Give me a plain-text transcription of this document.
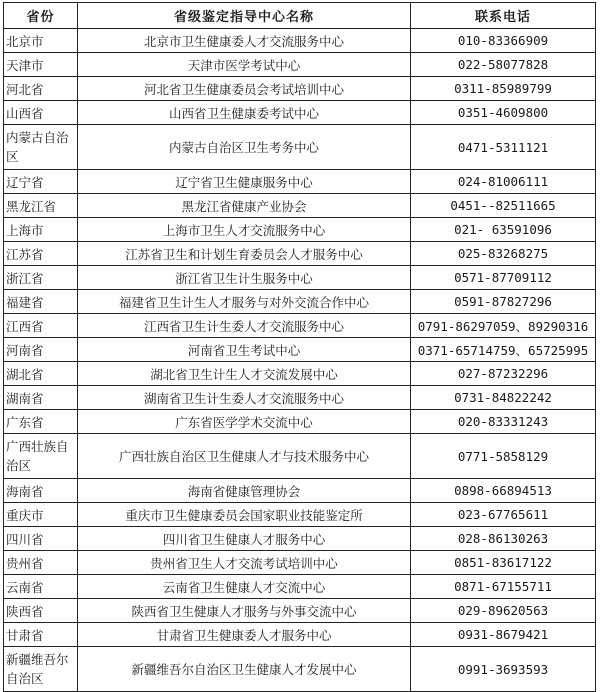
省份	省级鉴定指导中心名称	联系电话
北京市	北京市卫生健康委人才交流服务中心	010-83366909
天津市	天津市医学考试中心	022-58077828
河北省	河北省卫生健康委员会考试培训中心	0311-85989799
山西省	山西省卫生健康委考试中心	0351-4609800
内蒙古自治区	内蒙古自治区卫生考务中心	0471-5311121
辽宁省	辽宁省卫生健康服务中心	024-81006111
黑龙江省	黑龙江省健康产业协会	0451--82511665
上海市	上海市卫生人才交流服务中心	021- 63591096
江苏省	江苏省卫生和计划生育委员会人才服务中心	025-83268275
浙江省	浙江省卫生计生服务中心	0571-87709112
福建省	福建省卫生计生人才服务与对外交流合作中心	0591-87827296
江西省	江西省卫生计生委人才交流服务中心	0791-86297059、89290316
河南省	河南省卫生考试中心	0371-65714759、65725995
湖北省	湖北省卫生计生人才交流发展中心	027-87232296
湖南省	湖南省卫生计生委人才交流服务中心	0731-84822242
广东省	广东省医学学术交流中心	020-83331243
广西壮族自治区	广西壮族自治区卫生健康人才与技术服务中心	0771-5858129
海南省	海南省健康管理协会	0898-66894513
重庆市	重庆市卫生健康委员会国家职业技能鉴定所	023-67765611
四川省	四川省卫生健康人才服务中心	028-86130263
贵州省	贵州省卫生人才交流考试培训中心	0851-83617122
云南省	云南省卫生健康人才交流中心	0871-67155711
陕西省	陕西省卫生健康人才服务与外事交流中心	029-89620563
甘肃省	甘肃省卫生健康委人才服务中心	0931-8679421
新疆维吾尔自治区	新疆维吾尔自治区卫生健康人才发展中心	0991-3693593
